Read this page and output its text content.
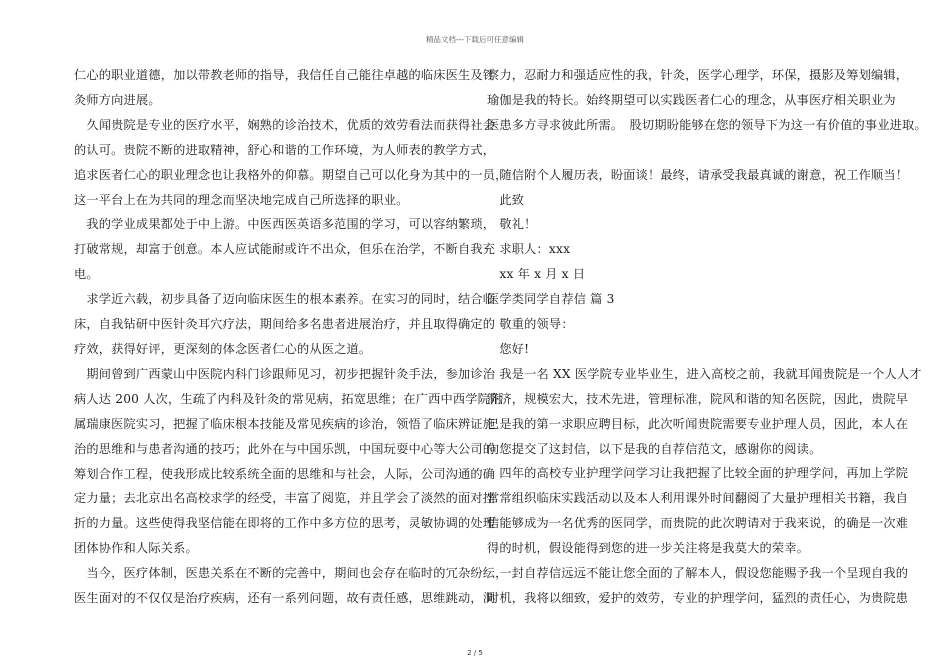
精品文档---下载后可任意编辑

仁心的职业道德，加以带教老师的指导，我信任自己能往卓越的临床医生及针

灸师方向进展。

　久闻贵院是专业的医疗水平，娴熟的诊治技术，优质的效劳看法而获得社会

的认可。贵院不断的进取精神，舒心和谐的工作环境，为人师表的教学方式，

追求医者仁心的职业理念也让我格外的仰慕。期望自己可以化身为其中的一员，

这一平台上在为共同的理念而坚决地完成自己所选择的职业。

　我的学业成果都处于中上游。中医西医英语多范围的学习，可以容纳繁琐，

打破常规，却富于创意。本人应试能耐或许不出众，但乐在治学，不断自我充

电。

　求学近六载，初步具备了迈向临床医生的根本素养。在实习的同时，结合临

床，自我钻研中医针灸耳穴疗法，期间给多名患者进展治疗，并且取得确定的

疗效，获得好评，更深刻的体念医者仁心的从医之道。

　期间曾到广西蒙山中医院内科门诊跟师见习，初步把握针灸手法，参加诊治

病人达 200 人次，生疏了内科及针灸的常见病，拓宽思维；在广西中西学院附

属瑞康医院实习，把握了临床根本技能及常见疾病的诊治，领悟了临床辨证施

治的思维和与患者沟通的技巧；此外在与中国乐凯，中国玩耍中心等大公司的

筹划合作工程，使我形成比较系统全面的思维和与社会，人际，公司沟通的确

定力量；去北京出名高校求学的经受，丰富了阅览，并且学会了淡然的面对挫

折的力量。这些使得我坚信能在即将的工作中多方位的思考，灵敏协调的处理

团体协作和人际关系。

　当今，医疗体制，医患关系在不断的完善中，期间也会存在临时的冗杂纷纭，

医生面对的不仅仅是治疗疾病，还有一系列问题，故有责任感，思维跳动，洞

察力，忍耐力和强适应性的我，针灸，医学心理学，环保，摄影及筹划编辑，

瑜伽是我的特长。始终期望可以实践医者仁心的理念，从事医疗相关职业为

医患多方寻求彼此所需。　股切期盼能够在您的领导下为这一有价值的事业进取。

　随信附个人履历表，盼面谈！最终，请承受我最真诚的谢意，祝工作顺当！

　此致

　敬礼！

　求职人：xxx

　xx 年 x 月 x 日

医学类同学自荐信 篇 3

　敬重的领导：

　您好!

　我是一名 XX 医学院专业毕业生，进入高校之前，我就耳闻贵院是一个人人才

济济，规模宏大，技术先进，管理标准，院风和谐的知名医院，因此，贵院早

已是我的第一求职应聘目标，此次听闻贵院需要专业护理人员，因此，本人在

向您提交了这封信，以下是我的自荐信范文，感谢你的阅读。

　四年的高校专业护理学问学习让我把握了比较全面的护理学问，再加上学院

常常组织临床实践活动以及本人利用课外时间翻阅了大量护理相关书籍，我自

信能够成为一名优秀的医同学，而贵院的此次聘请对于我来说，的确是一次难

得的时机，假设能得到您的进一步关注将是我莫大的荣幸。

　一封自荐信远远不能让您全面的了解本人，假设您能赐予我一个呈现自我的

时机，我将以细致，爱护的效劳，专业的护理学问，猛烈的责任心，为贵院患

2 / 5
